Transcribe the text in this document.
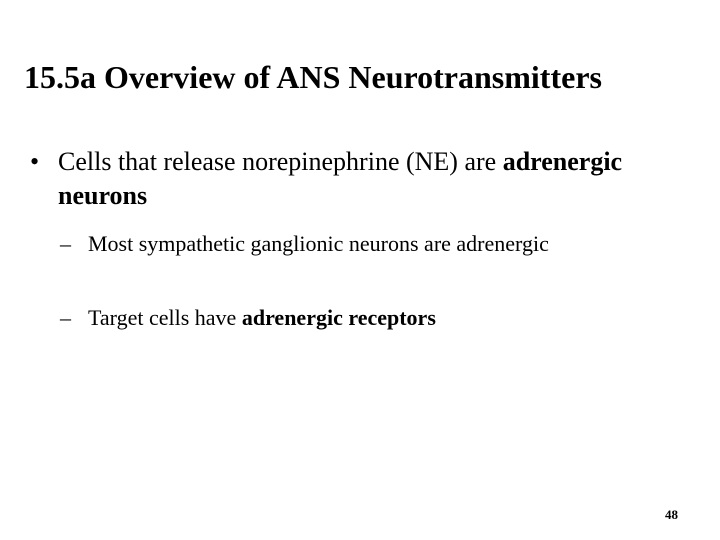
15.5a Overview of ANS Neurotransmitters
• Cells that release norepinephrine (NE) are adrenergic neurons
– Most sympathetic ganglionic neurons are adrenergic
– Target cells have adrenergic receptors
48
